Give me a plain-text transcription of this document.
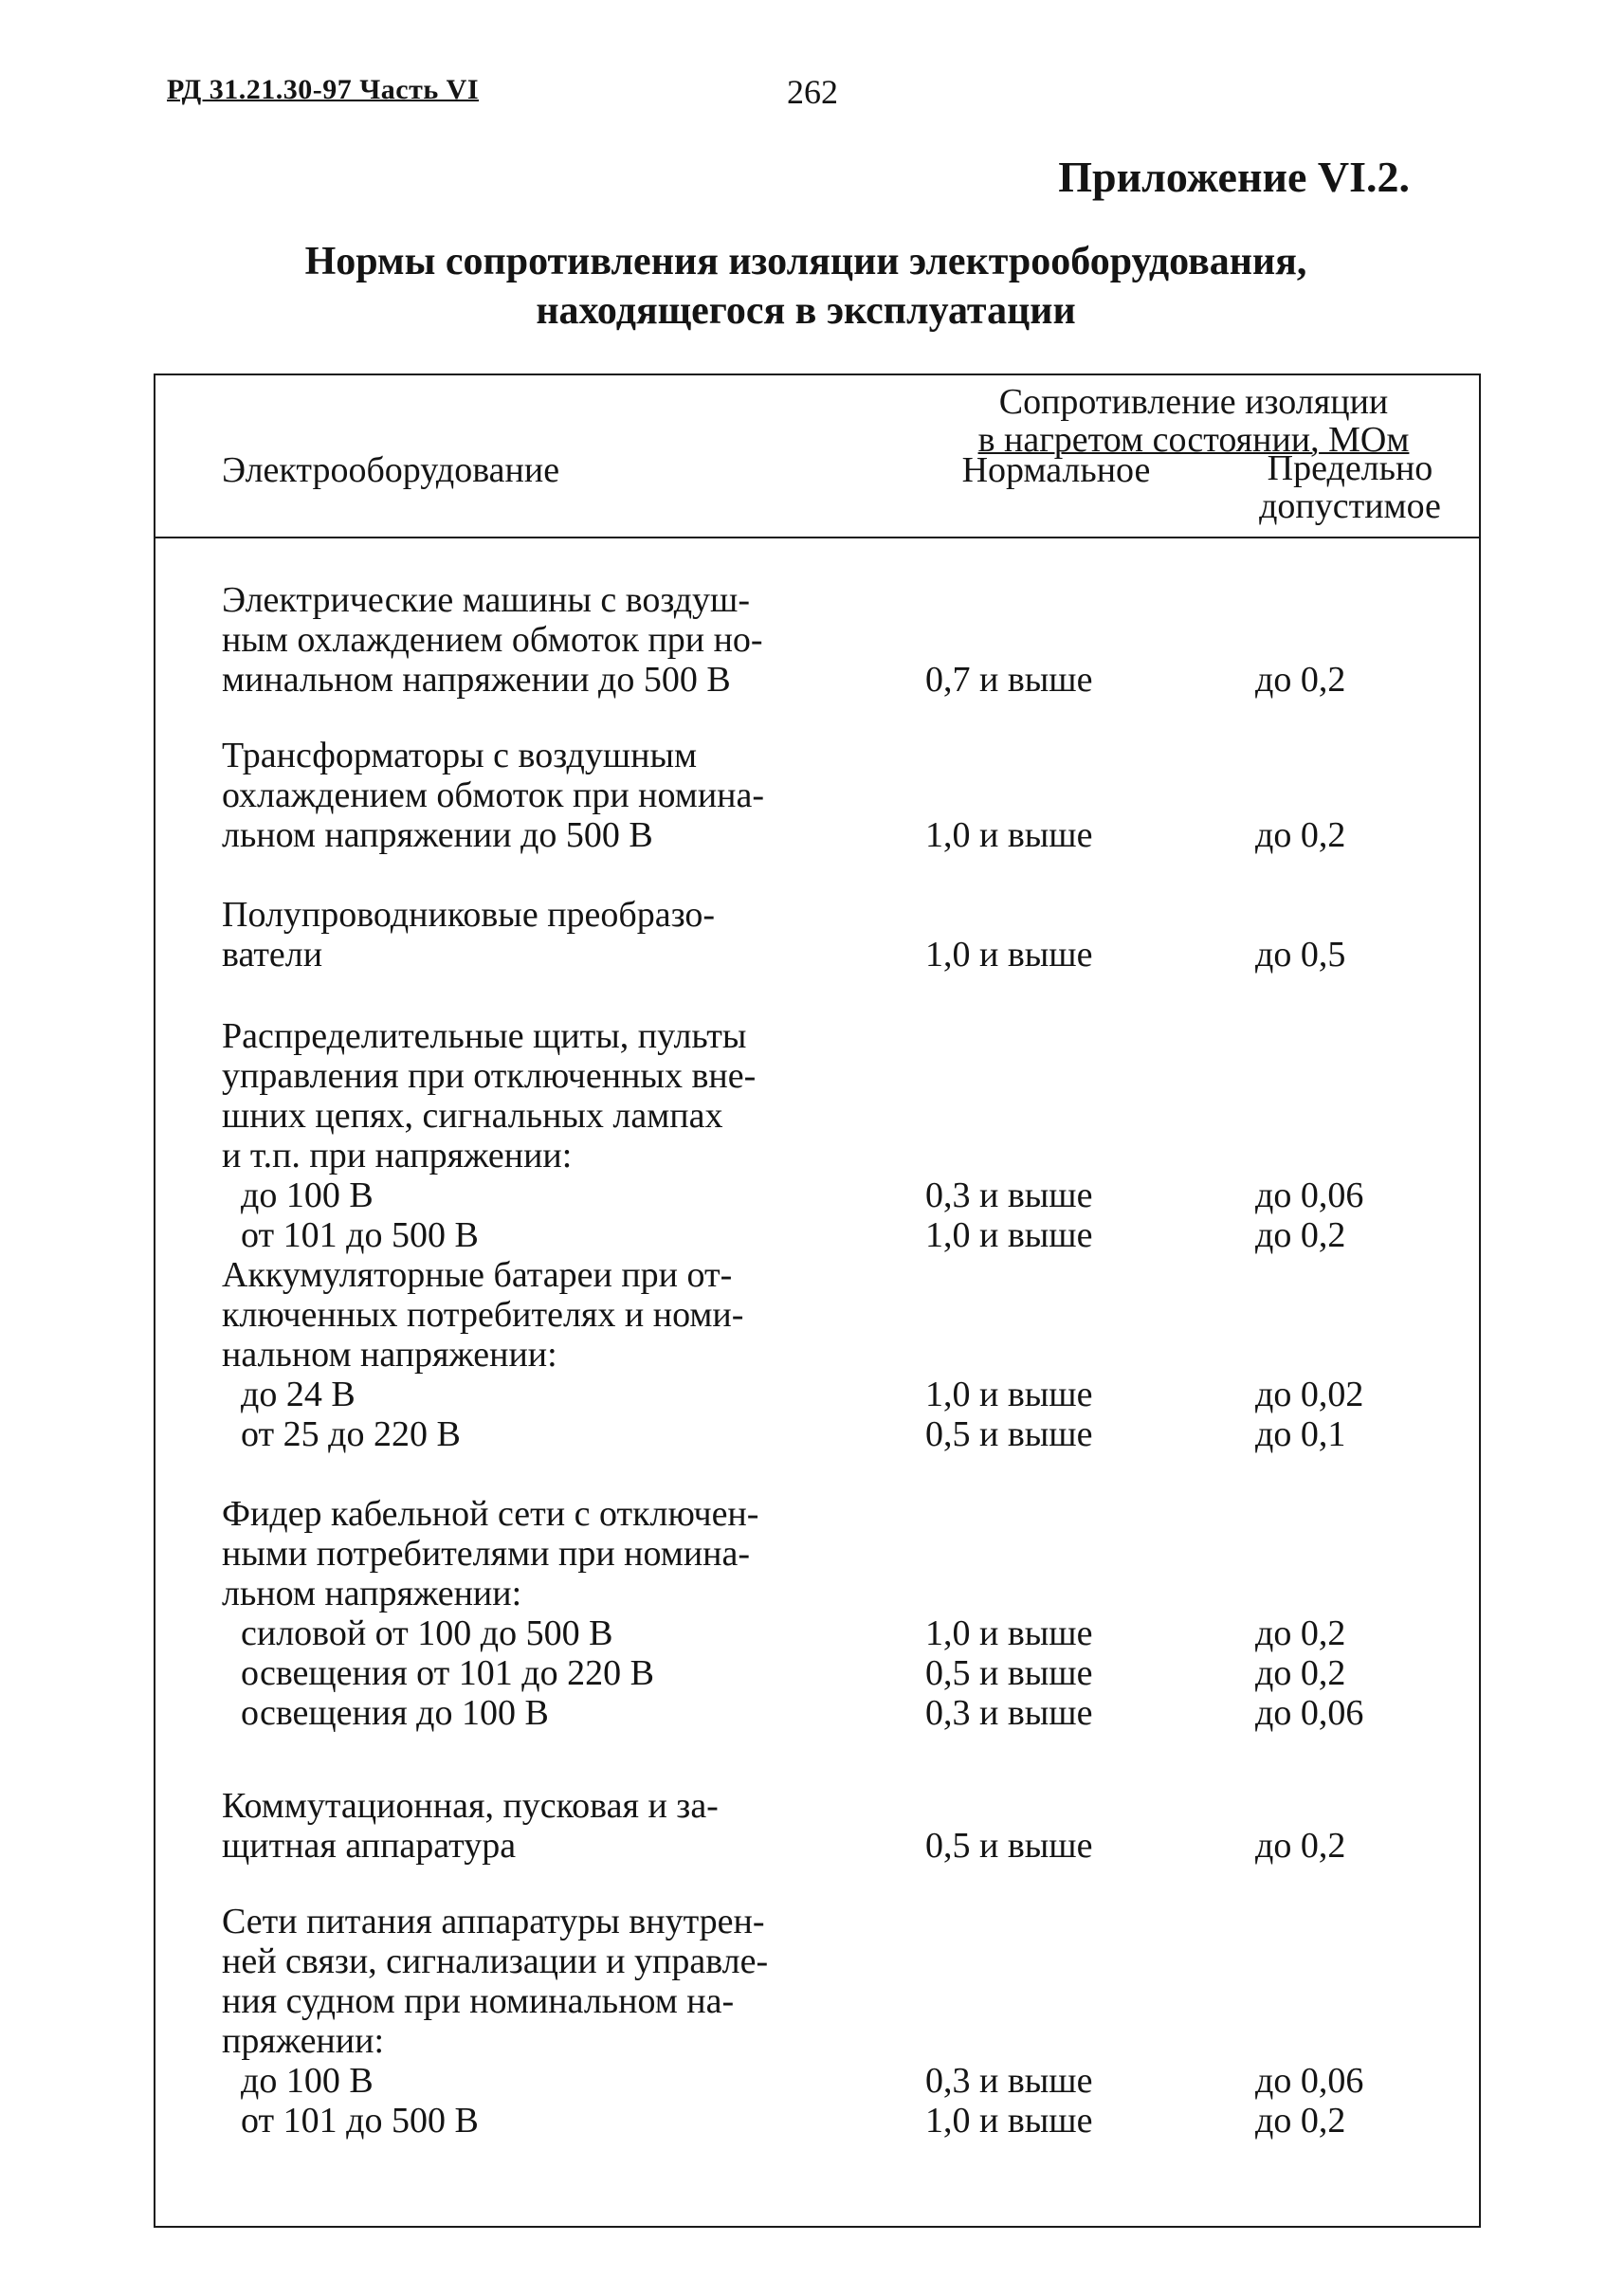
РД 31.21.30-97 Часть VI	262
Приложение VI.2.
Нормы сопротивления изоляции электрооборудования,
находящегося в эксплуатации
Сопротивление изоляции
в нагретом состоянии, МОм
Электрооборудование	Нормальное	Предельно
допустимое
Электрические машины с воздуш-
ным охлаждением обмоток при но-
минальном напряжении до 500 В	0,7 и выше	до 0,2
Трансформаторы с воздушным
охлаждением обмоток при номина-
льном напряжении до 500 В	1,0 и выше	до 0,2
Полупроводниковые преобразо-
ватели	1,0 и выше	до 0,5
Распределительные щиты, пульты
управления при отключенных вне-
шних цепях, сигнальных лампах
и т.п. при напряжении:
до 100 В	0,3 и выше	до 0,06
от 101 до 500 В	1,0 и выше	до 0,2
Аккумуляторные батареи при от-
ключенных потребителях и номи-
нальном напряжении:
до 24 В	1,0 и выше	до 0,02
от 25 до 220 В	0,5 и выше	до 0,1
Фидер кабельной сети с отключен-
ными потребителями при номина-
льном напряжении:
силовой от 100 до 500 В	1,0 и выше	до 0,2
освещения от 101 до 220 В	0,5 и выше	до 0,2
освещения до 100 В	0,3 и выше	до 0,06
Коммутационная, пусковая и за-
щитная аппаратура	0,5 и выше	до 0,2
Сети питания аппаратуры внутрен-
ней связи, сигнализации и управле-
ния судном при номинальном на-
пряжении:
до 100 В	0,3 и выше	до 0,06
от 101 до 500 В	1,0 и выше	до 0,2
